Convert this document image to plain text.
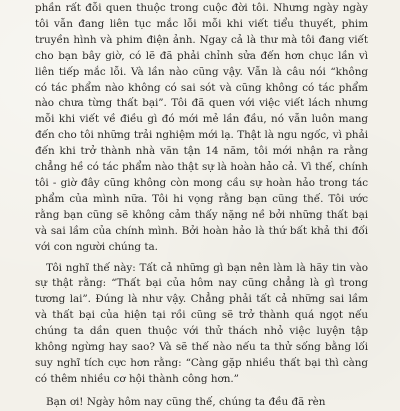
phần rất đỗi quen thuộc trong cuộc đời tôi. Nhưng ngày ngày tôi vẫn đang liên tục mắc lỗi mỗi khi viết tiểu thuyết, phim truyền hình và phim điện ảnh. Ngay cả là thư mà tôi đang viết cho bạn bây giờ, có lẽ đã phải chỉnh sửa đến hơn chục lần vì liên tiếp mắc lỗi. Và lần nào cũng vậy. Vẫn là câu nói “không có tác phẩm nào không có sai sót và cũng không có tác phẩm nào chưa từng thất bại”. Tôi đã quen với việc viết lách nhưng mỗi khi viết về điều gì đó mới mẻ lần đầu, nó vẫn luôn mang đến cho tôi những trải nghiệm mới lạ. Thật là ngu ngốc, vì phải đến khi trở thành nhà văn tận 14 năm, tôi mới nhận ra rằng chẳng hề có tác phẩm nào thật sự là hoàn hảo cả. Vì thế, chính tôi - giờ đây cũng không còn mong cầu sự hoàn hảo trong tác phẩm của mình nữa. Tôi hi vọng rằng bạn cũng thế. Tôi ước rằng bạn cũng sẽ không cảm thấy nặng nề bởi những thất bại và sai lầm của chính mình. Bởi hoàn hảo là thứ bất khả thi đối với con người chúng ta.

Tôi nghĩ thế này: Tất cả những gì bạn nên làm là hãy tin vào sự thật rằng: “Thất bại của hôm nay cũng chẳng là gì trong tương lai”. Đúng là như vậy. Chẳng phải tất cả những sai lầm và thất bại của hiện tại rồi cũng sẽ trở thành quá ngọt nếu chúng ta dần quen thuộc với thử thách nhỏ việc luyện tập không ngừng hay sao? Và sẽ thế nào nếu ta thử sống bằng lối suy nghĩ tích cực hơn rằng: “Càng gặp nhiều thất bại thì càng có thêm nhiều cơ hội thành công hơn.”

Bạn ơi! Ngày hôm nay cũng thế, chúng ta đều đã rèn
